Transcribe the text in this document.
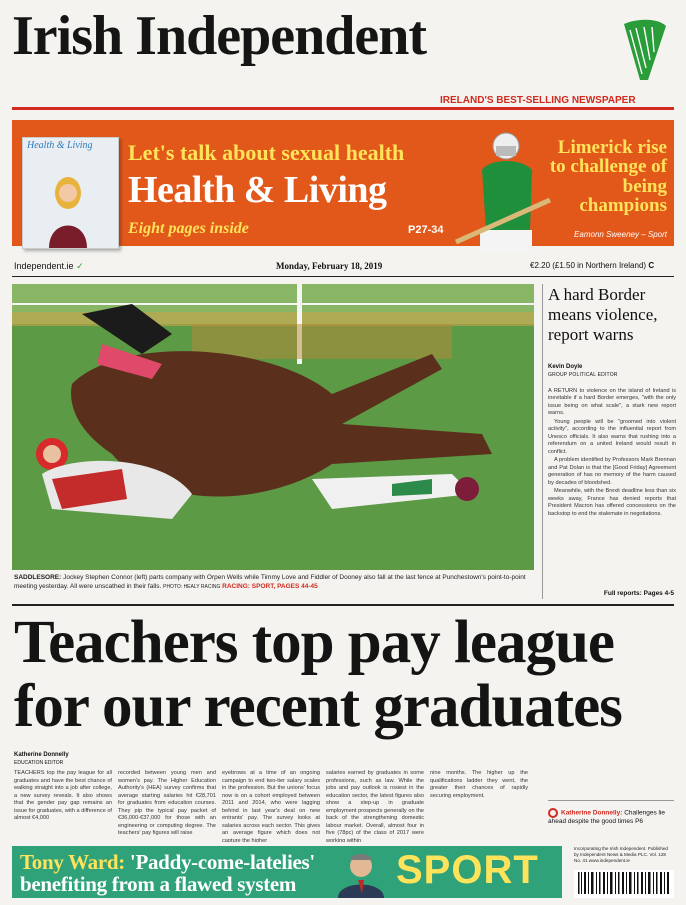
Irish Independent
IRELAND'S BEST-SELLING NEWSPAPER
Health & Living Let's talk about sexual health
Health & Living
Eight pages inside	P27-34
Limerick rise to challenge of being champions
Eamonn Sweeney – Sport
Independent.ie ✓	Monday, February 18, 2019	€2.20 (£1.50 in Northern Ireland) C
SADDLESORE: Jockey Stephen Connor (left) parts company with Orpen Wells while Timmy Love and Fiddler of Dooney also fall at the last fence at Punchestown's point-to-point meeting yesterday. All were unscathed in their falls. PHOTO: HEALY RACING RACING: SPORT, PAGES 44-45
A hard Border means violence, report warns
Kevin Doyle
GROUP POLITICAL EDITOR

A RETURN to violence on the island of Ireland is inevitable if a hard Border emerges, "with the only issue being on what scale", a stark new report warns.

Young people will be "groomed into violent activity", according to the influential report from Unesco officials. It also warns that rushing into a referendum on a united Ireland would result in conflict.

A problem identified by Professors Mark Brennan and Pat Dolan is that the [Good Friday] Agreement generation of has no memory of the harm caused by decades of bloodshed.

Meanwhile, with the Brexit deadline less than six weeks away, France has denied reports that President Macron has offered concessions on the backstop to end the stalemate in negotiations.

Full reports: Pages 4-5
Teachers top pay league for our recent graduates
Katherine Donnelly
EDUCATION EDITOR
TEACHERS top the pay league for all graduates and have the best chance of walking straight into a job after college, a new survey reveals. It also shows that the gender pay gap remains an issue for graduates, with a difference of almost €4,000
recorded between young men and women's pay. The Higher Education Authority's (HEA) survey confirms that average starting salaries hit €28,701 for graduates from education courses. They pip the typical pay packet of €36,000-€37,000 for those with an engineering or computing degree. The teachers' pay figures will raise
eyebrows at a time of an ongoing campaign to end two-tier salary scales in the profession. But the unions' focus now is on a cohort employed between 2011 and 2014, who were lagging behind in last year's deal on new entrants' pay. The survey looks at salaries across each sector. This gives an average figure which does not capture the higher
salaries earned by graduates in some professions, such as law. While the jobs and pay outlook is rosiest in the education sector, the latest figures also show a step-up in graduate employment prospects generally on the back of the strengthening domestic labour market. Overall, almost four in five (78pc) of the class of 2017 were working within
nine months. The higher up the qualifications ladder they went, the greater their chances of rapidly securing employment.
Katherine Donnelly: Challenges lie ahead despite the good times P6
Tony Ward: 'Paddy-come-latelies'
benefiting from a flawed system SPORT	Incorporating the Irish Independent. Published by Independent News & Media PLC. Vol. 128 No. 41 www.independent.ie
